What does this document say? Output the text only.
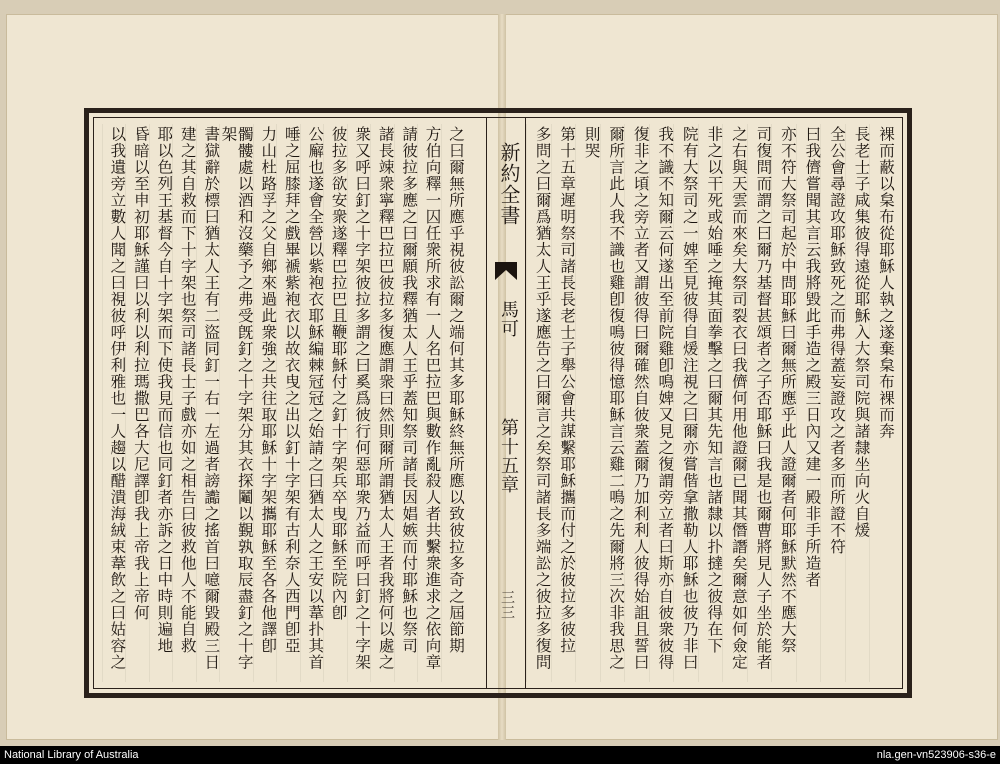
裸而蔽以枲布從耶穌人執之遂棄枲布裸而奔
長老士子咸集彼得遠從耶穌入大祭司院與諸隸坐向火自煖
全公會尋證攻耶穌致死之而弗得蓋妄證攻之者多而所證不符
曰我儕嘗聞其言云我將毀此手造之殿三日內又建一殿非手所造者
亦不符大祭司起於中問耶穌曰爾無所應乎此人證爾者何耶穌默然不應大祭
司復問而謂之曰爾乃基督甚頌者之子否耶穌曰我是也爾曹將見人子坐於能者
之右與天雲而來矣大祭司裂衣曰我儕何用他證爾已聞其僭譖矣爾意如何僉定
非之以干死或始唾之掩其面拳擊之曰爾其先知言也諸隸以扑撻之彼得在下
院有大祭司之一婢至見彼得自煖注視之曰爾亦嘗偕拿撒勒人耶穌也彼乃非曰
我不識不知爾云何遂出至前院雞卽鳴婢又見之復謂旁立者曰斯亦自彼衆彼得
復非之頃之旁立者又謂彼得曰爾確然自彼衆蓋爾乃加利利人彼得始詛且誓曰
爾所言此人我不識也雞卽復鳴彼得憶耶穌言云雞二鳴之先爾將三次非我思之
則哭
第十五章遲明祭司諸長長老士子舉公會共謀繫耶穌攜而付之於彼拉多彼拉
多問之曰爾爲猶太人王乎遂應告之曰爾言之矣祭司諸長多端訟之彼拉多復問
新約全書
馬可
第十五章
三三
之曰爾無所應乎視彼訟爾之端何其多耶穌終無所應以致彼拉多奇之屆節期
方伯向釋一囚任衆所求有一人名巴拉巴與數作亂殺人者共繫衆進求之依向章
請彼拉多應之曰爾願我釋猶太人王乎蓋知祭司諸長因娼嫉而付耶穌也祭司
諸長竦衆寧釋巴拉巴彼拉多復應謂衆曰然則爾所謂猶太人王者我將何以處之
衆又呼曰釘之十字架彼拉多謂之曰奚爲彼行何惡耶衆乃益而呼曰釘之十字架
彼拉多欲安衆遂釋巴拉巴且鞭耶穌付之釘十字架兵卒曳耶穌至院內卽
公廨也遂會全營以紫袍衣耶穌編棘冠冠之始請之曰猶太人之王安以葦扑其首
唾之屈膝拜之戲畢褫紫袍衣以故衣曳之出以釘十字架有古利奈人西門卽亞
力山杜路孚之父自鄉來過此衆強之共往取耶穌十字架攜耶穌至各各他譯卽
髑髏處以酒和沒藥予之弗受旣釘之十字架分其衣探鬮以覲孰取辰盡釘之十字架
書獄辭於標曰猶太人王有二盜同釘一右一左過者謗讟之搖首曰噫爾毀殿三日
建之其自救而下十字架也祭司諸長士子戲亦如之相告曰彼救他人不能自救
耶以色列王基督今自十字架而下使我見而信也同釘者亦訴之日中時則遍地
昏暗以至申初耶穌謹曰以利以利拉瑪撒巴各大尼譯卽我上帝我上帝何
以我遺旁立數人聞之曰視彼呼伊利雅也一人趨以醋潰海絨束葦飲之曰姑容之
National Library of Australia	nla.gen-vn523906-s36-e
